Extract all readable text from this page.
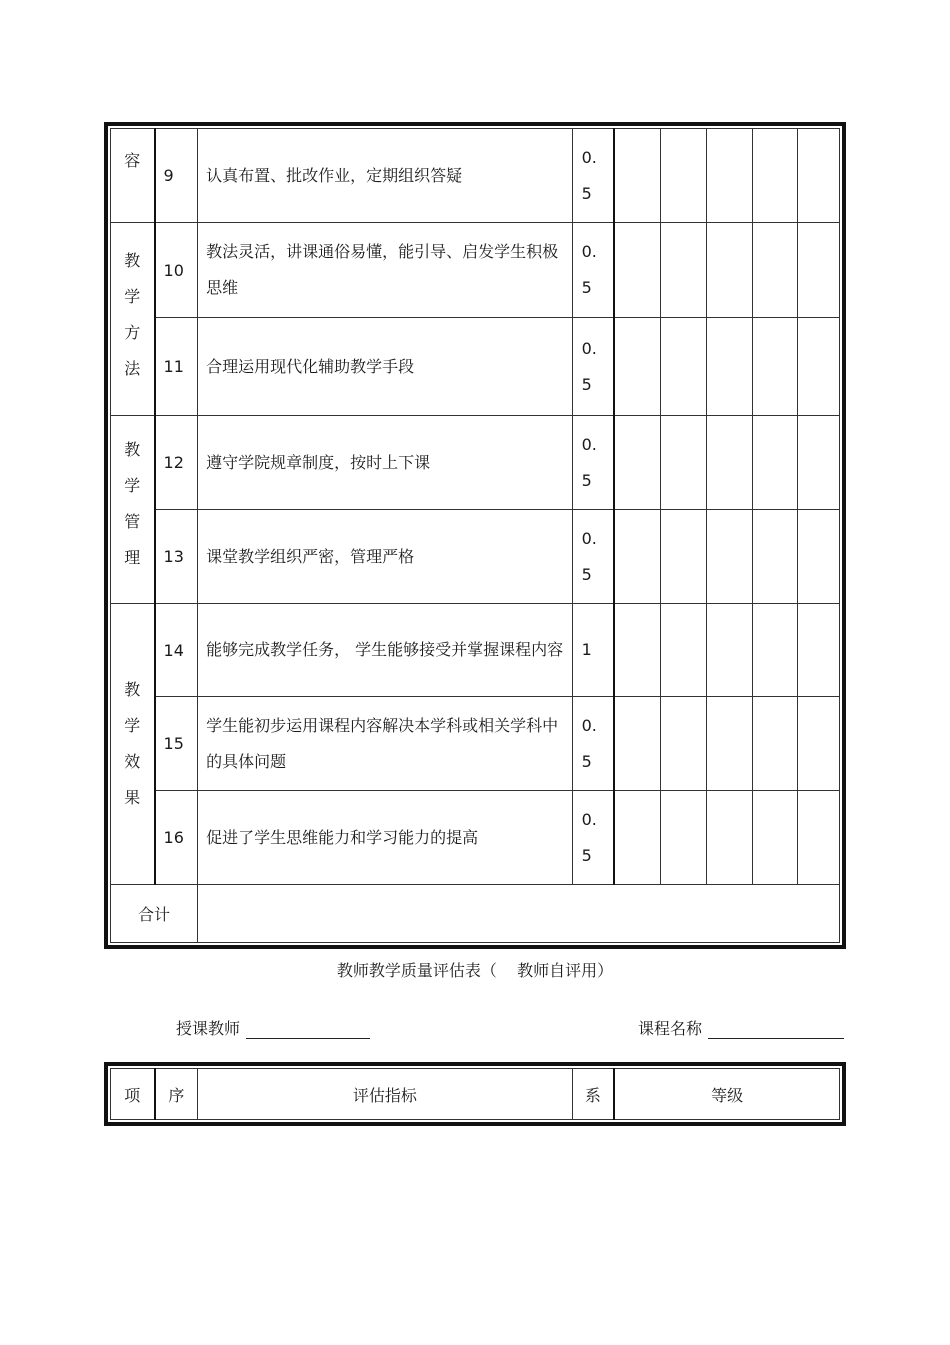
容	9	认真布置、批改作业，定期组织答疑	0.
5					
教学方法	10	教法灵活，讲课通俗易懂，能引导、启发学生积极思维	0.
5					
	11	合理运用现代化辅助教学手段	0.
5					
教学管理	12	遵守学院规章制度，按时上下课	0.
5					
	13	课堂教学组织严密，管理严格	0.
5					
教学效果	14	能够完成教学任务， 学生能够接受并掌握课程内容	1					
	15	学生能初步运用课程内容解决本学科或相关学科中的具体问题	0.
5					
	16	促进了学生思维能力和学习能力的提高	0.
5					
合计								
教师教学质量评估表（    教师自评用）
授课教师	课程名称
项	序	评估指标	系	等级
